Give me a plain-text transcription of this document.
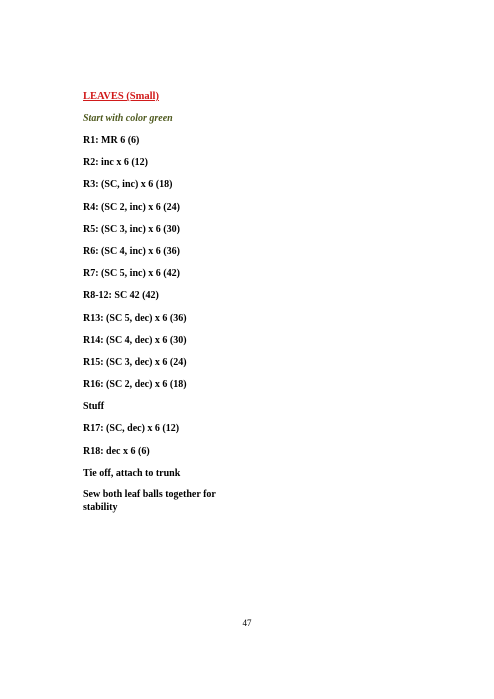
LEAVES (Small)
Start with color green
R1: MR 6 (6)
R2: inc x 6 (12)
R3: (SC, inc) x 6 (18)
R4: (SC 2, inc) x 6 (24)
R5: (SC 3, inc) x 6 (30)
R6: (SC 4, inc) x 6 (36)
R7: (SC 5, inc) x 6 (42)
R8-12: SC 42 (42)
R13: (SC 5, dec) x 6 (36)
R14: (SC 4, dec) x 6 (30)
R15: (SC 3, dec) x 6 (24)
R16: (SC 2, dec) x 6 (18)
Stuff
R17: (SC, dec) x 6 (12)
R18: dec x 6 (6)
Tie off, attach to trunk
Sew both leaf balls together for stability
47
